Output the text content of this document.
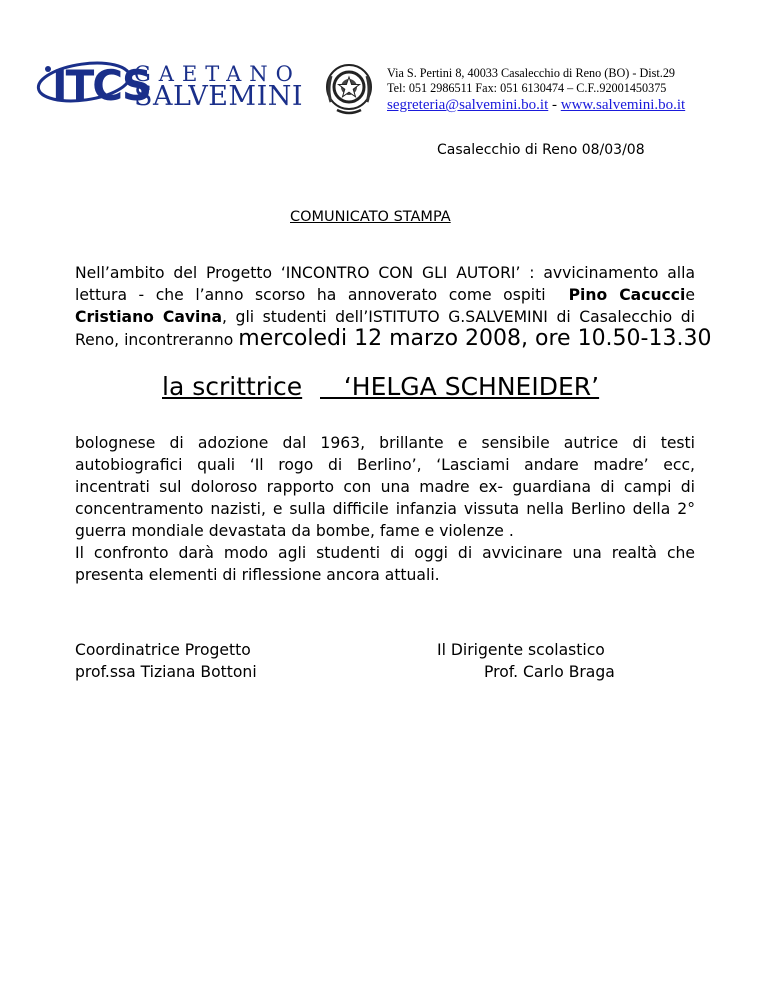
ITCS
GAETANO
SALVEMINI
Via S. Pertini 8, 40033 Casalecchio di Reno (BO) - Dist.29
Tel: 051 2986511 Fax: 051 6130474 – C.F..92001450375
segreteria@salvemini.bo.it - www.salvemini.bo.it
Casalecchio di Reno 08/03/08
COMUNICATO STAMPA
Nell’ambito del Progetto ‘INCONTRO CON GLI AUTORI’ : avvicinamento alla
lettura - che l’anno scorso ha annoverato come ospiti  Pino Cacuccie
Cristiano Cavina, gli studenti dell’ISTITUTO G.SALVEMINI di Casalecchio di
Reno, incontreranno mercoledi 12 marzo 2008, ore 10.50-13.30
la scrittrice ‘HELGA SCHNEIDER’
bolognese di adozione dal 1963, brillante e sensibile autrice di testi
autobiografici quali ‘Il rogo di Berlino’, ‘Lasciami andare madre’ ecc,
incentrati sul doloroso rapporto con una madre ex- guardiana di campi di
concentramento nazisti, e sulla difficile infanzia vissuta nella Berlino della 2°
guerra mondiale devastata da bombe, fame e violenze .
Il confronto darà modo agli studenti di oggi di avvicinare una realtà che
presenta elementi di riflessione ancora attuali.
Coordinatrice Progetto
prof.ssa Tiziana Bottoni
Il Dirigente scolastico
Prof. Carlo Braga
